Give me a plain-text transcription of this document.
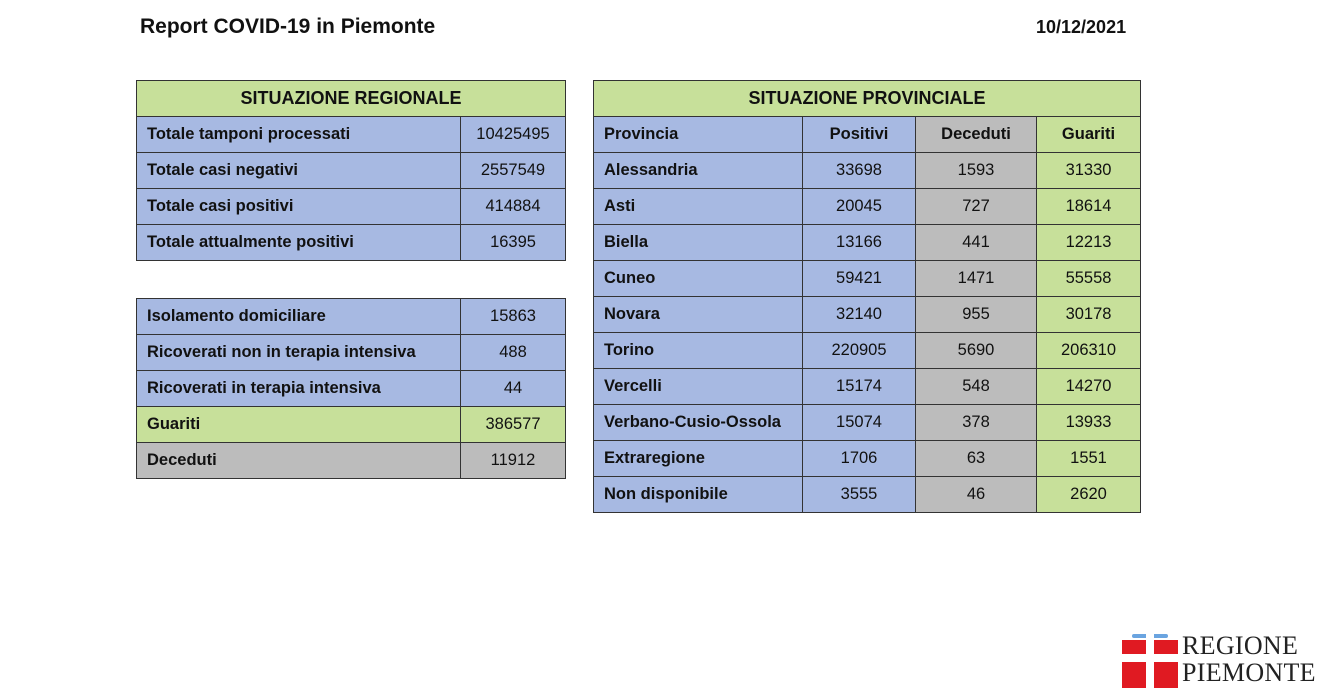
Report COVID-19 in Piemonte	10/12/2021
SITUAZIONE REGIONALE	
Totale tamponi processati	10425495
Totale casi negativi	2557549
Totale casi positivi	414884
Totale attualmente positivi	16395
Isolamento domiciliare	15863
Ricoverati non in terapia intensiva	488
Ricoverati in terapia intensiva	44
Guariti	386577
Deceduti	11912
SITUAZIONE PROVINCIALE			
Provincia	Positivi	Deceduti	Guariti
Alessandria	33698	1593	31330
Asti	20045	727	18614
Biella	13166	441	12213
Cuneo	59421	1471	55558
Novara	32140	955	30178
Torino	220905	5690	206310
Vercelli	15174	548	14270
Verbano-Cusio-Ossola	15074	378	13933
Extraregione	1706	63	1551
Non disponibile	3555	46	2620
REGIONE
PIEMONTE
